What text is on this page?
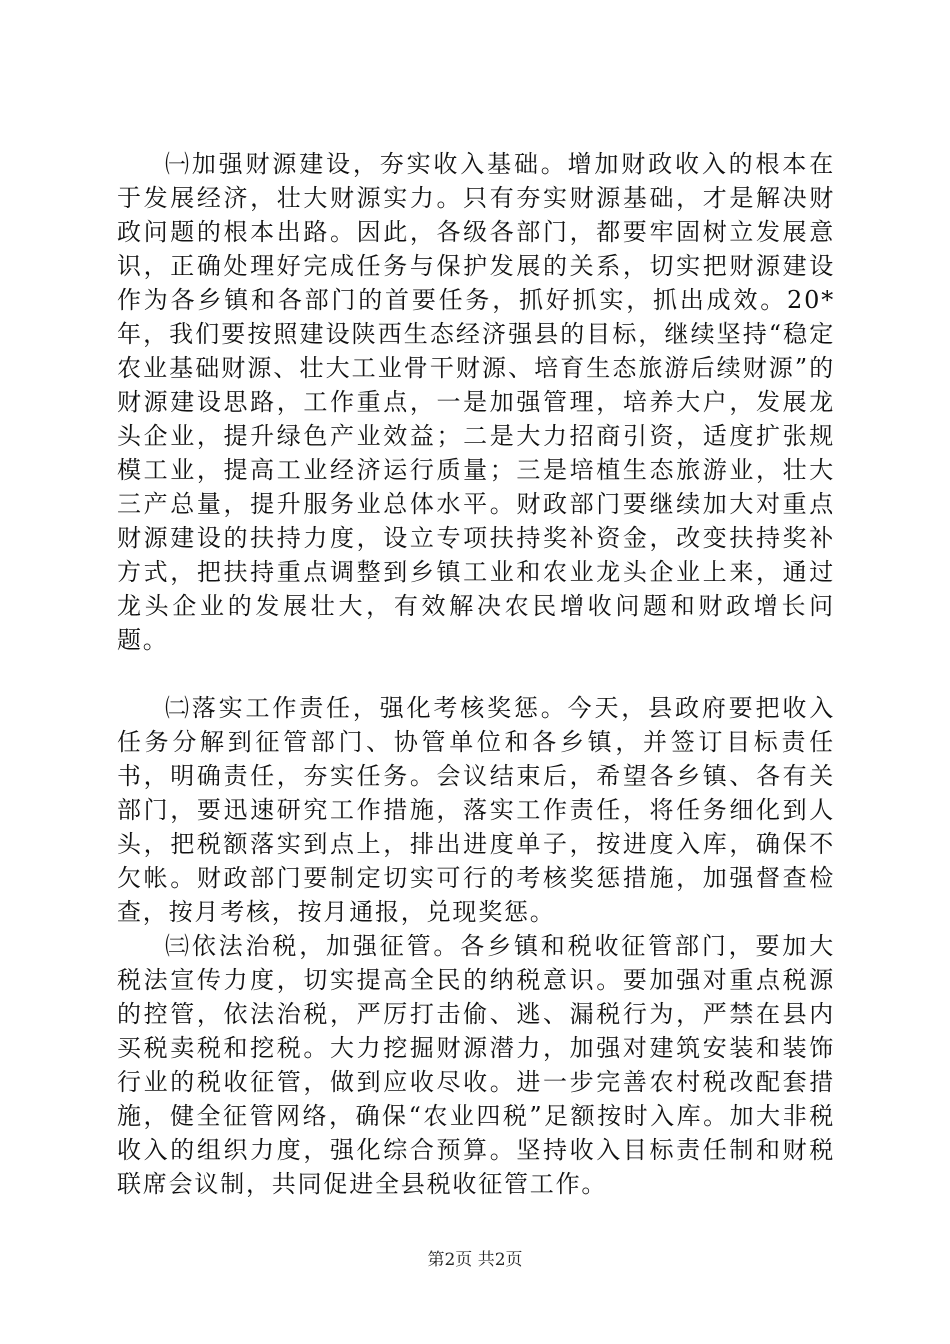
㈠加强财源建设，夯实收入基础。增加财政收入的根本在于发展经济，壮大财源实力。只有夯实财源基础，才是解决财政问题的根本出路。因此，各级各部门，都要牢固树立发展意识，正确处理好完成任务与保护发展的关系，切实把财源建设作为各乡镇和各部门的首要任务，抓好抓实，抓出成效。20*年，我们要按照建设陕西生态经济强县的目标，继续坚持“稳定农业基础财源、壮大工业骨干财源、培育生态旅游后续财源”的财源建设思路，工作重点，一是加强管理，培养大户，发展龙头企业，提升绿色产业效益；二是大力招商引资，适度扩张规模工业，提高工业经济运行质量；三是培植生态旅游业，壮大三产总量，提升服务业总体水平。财政部门要继续加大对重点财源建设的扶持力度，设立专项扶持奖补资金，改变扶持奖补方式，把扶持重点调整到乡镇工业和农业龙头企业上来，通过龙头企业的发展壮大，有效解决农民增收问题和财政增长问题。

㈡落实工作责任，强化考核奖惩。今天，县政府要把收入任务分解到征管部门、协管单位和各乡镇，并签订目标责任书，明确责任，夯实任务。会议结束后，希望各乡镇、各有关部门，要迅速研究工作措施，落实工作责任，将任务细化到人头，把税额落实到点上，排出进度单子，按进度入库，确保不欠帐。财政部门要制定切实可行的考核奖惩措施，加强督查检查，按月考核，按月通报，兑现奖惩。

㈢依法治税，加强征管。各乡镇和税收征管部门，要加大税法宣传力度，切实提高全民的纳税意识。要加强对重点税源的控管，依法治税，严厉打击偷、逃、漏税行为，严禁在县内买税卖税和挖税。大力挖掘财源潜力，加强对建筑安装和装饰行业的税收征管，做到应收尽收。进一步完善农村税改配套措施，健全征管网络，确保“农业四税”足额按时入库。加大非税收入的组织力度，强化综合预算。坚持收入目标责任制和财税联席会议制，共同促进全县税收征管工作。

第2页 共2页
